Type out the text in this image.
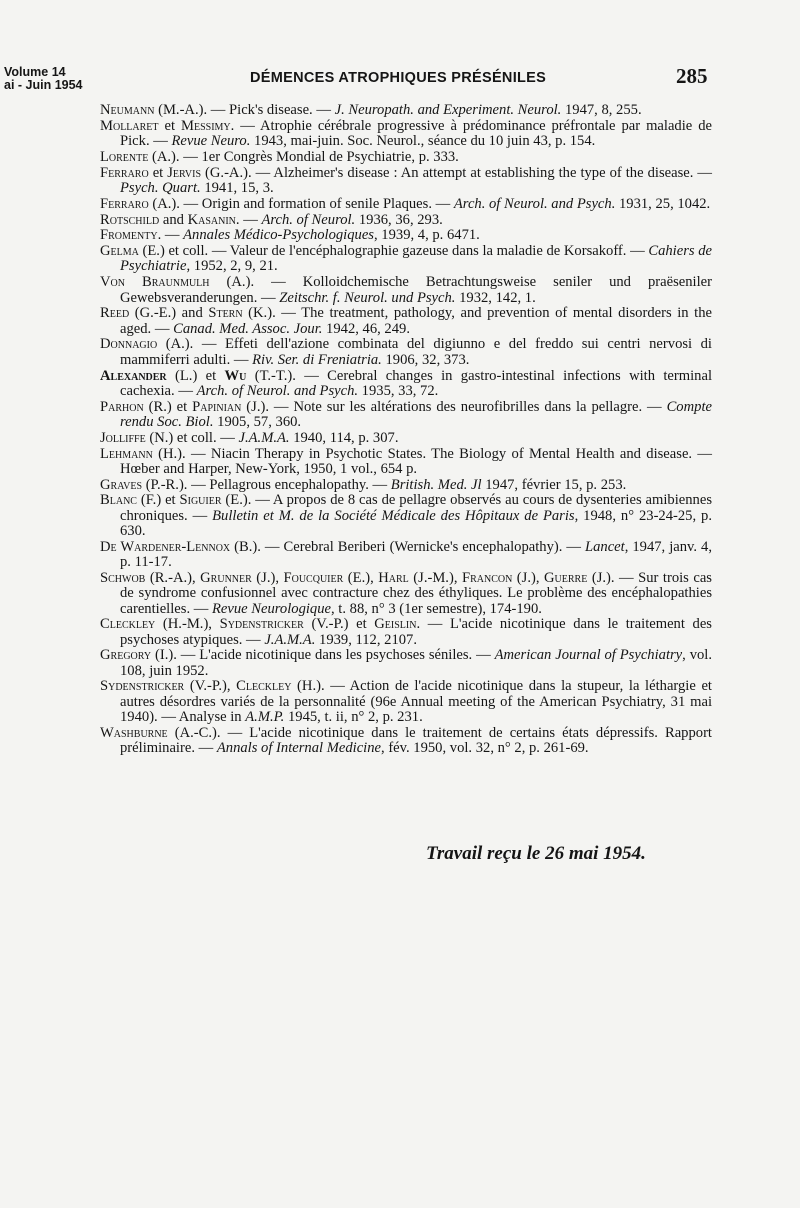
Volume 14
ai - Juin 1954	DÉMENCES ATROPHIQUES PRÉSÉNILES	285

Neumann (M.-A.). — Pick's disease. — J. Neuropath. and Experiment. Neurol. 1947, 8, 255.

Mollaret et Messimy. — Atrophie cérébrale progressive à prédominance préfrontale par maladie de Pick. — Revue Neuro. 1943, mai-juin. Soc. Neurol., séance du 10 juin 43, p. 154.

Lorente (A.). — 1er Congrès Mondial de Psychiatrie, p. 333.

Ferraro et Jervis (G.-A.). — Alzheimer's disease : An attempt at establishing the type of the disease. — Psych. Quart. 1941, 15, 3.

Ferraro (A.). — Origin and formation of senile Plaques. — Arch. of Neurol. and Psych. 1931, 25, 1042.

Rotschild and Kasanin. — Arch. of Neurol. 1936, 36, 293.

Fromenty. — Annales Médico-Psychologiques, 1939, 4, p. 6471.

Gelma (E.) et coll. — Valeur de l'encéphalographie gazeuse dans la maladie de Korsakoff. — Cahiers de Psychiatrie, 1952, 2, 9, 21.

Von Braunmulh (A.). — Kolloidchemische Betrachtungsweise seniler und praëseniler Gewebsveranderungen. — Zeitschr. f. Neurol. und Psych. 1932, 142, 1.

Reed (G.-E.) and Stern (K.). — The treatment, pathology, and prevention of mental disorders in the aged. — Canad. Med. Assoc. Jour. 1942, 46, 249.

Donnagio (A.). — Effeti dell'azione combinata del digiunno e del freddo sui centri nervosi di mammiferri adulti. — Riv. Ser. di Freniatria. 1906, 32, 373.

Alexander (L.) et Wu (T.-T.). — Cerebral changes in gastro-intestinal infections with terminal cachexia. — Arch. of Neurol. and Psych. 1935, 33, 72.

Parhon (R.) et Papinian (J.). — Note sur les altérations des neurofibrilles dans la pellagre. — Compte rendu Soc. Biol. 1905, 57, 360.

Jolliffe (N.) et coll. — J.A.M.A. 1940, 114, p. 307.

Lehmann (H.). — Niacin Therapy in Psychotic States. The Biology of Mental Health and disease. — Hœber and Harper, New-York, 1950, 1 vol., 654 p.

Graves (P.-R.). — Pellagrous encephalopathy. — British. Med. Jl 1947, février 15, p. 253.

Blanc (F.) et Siguier (E.). — A propos de 8 cas de pellagre observés au cours de dysenteries amibiennes chroniques. — Bulletin et M. de la Société Médicale des Hôpitaux de Paris, 1948, n° 23-24-25, p. 630.

De Wardener-Lennox (B.). — Cerebral Beriberi (Wernicke's encephalopathy). — Lancet, 1947, janv. 4, p. 11-17.

Schwob (R.-A.), Grunner (J.), Foucquier (E.), Harl (J.-M.), Francon (J.), Guerre (J.). — Sur trois cas de syndrome confusionnel avec contracture chez des éthyliques. Le problème des encéphalopathies carentielles. — Revue Neurologique, t. 88, n° 3 (1er semestre), 174-190.

Cleckley (H.-M.), Sydenstricker (V.-P.) et Geislin. — L'acide nicotinique dans le traitement des psychoses atypiques. — J.A.M.A. 1939, 112, 2107.

Gregory (I.). — L'acide nicotinique dans les psychoses séniles. — American Journal of Psychiatry, vol. 108, juin 1952.

Sydenstricker (V.-P.), Cleckley (H.). — Action de l'acide nicotinique dans la stupeur, la léthargie et autres désordres variés de la personnalité (96e Annual meeting of the American Psychiatry, 31 mai 1940). — Analyse in A.M.P. 1945, t. ii, n° 2, p. 231.

Washburne (A.-C.). — L'acide nicotinique dans le traitement de certains états dépressifs. Rapport préliminaire. — Annals of Internal Medicine, fév. 1950, vol. 32, n° 2, p. 261-69.

Travail reçu le 26 mai 1954.
